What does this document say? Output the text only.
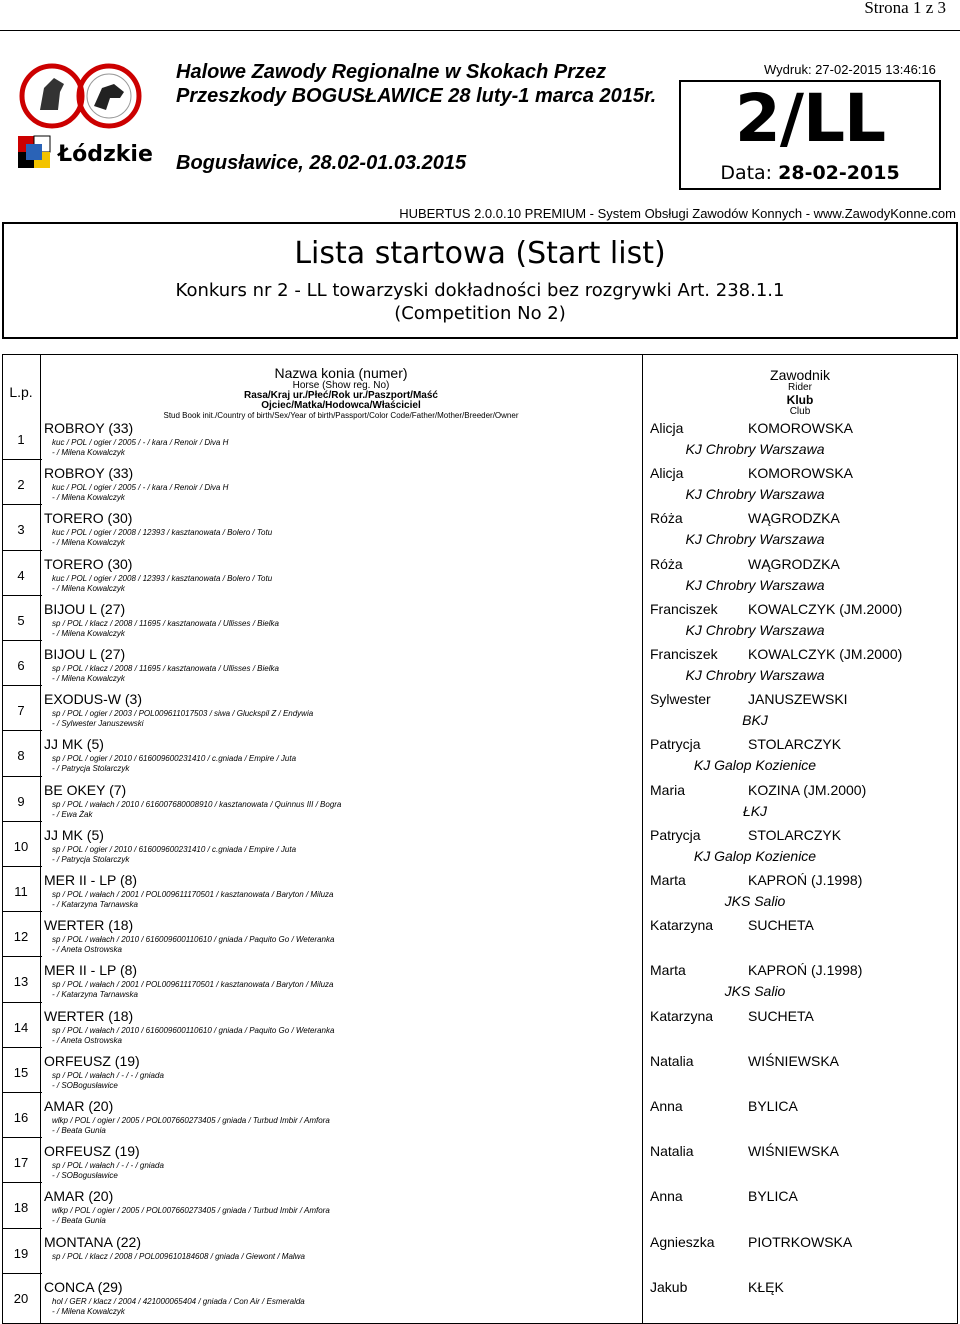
Strona 1 z 3
Łódzkie
Halowe Zawody Regionalne w Skokach Przez Przeszkody BOGUSŁAWICE 28 luty-1 marca 2015r.
Bogusławice, 28.02-01.03.2015
Wydruk: 27-02-2015 13:46:16
2/LL
Data: 28-02-2015
HUBERTUS 2.0.0.10 PREMIUM - System Obsługi Zawodów Konnych - www.ZawodyKonne.com
Lista startowa (Start list)
Konkurs nr 2 - LL towarzyski dokładności bez rozgrywki Art. 238.1.1
(Competition No 2)
L.p.
Nazwa konia (numer)
Horse (Show reg. No)
Rasa/Kraj ur./Płeć/Rok ur./Paszport/Maść
Ojciec/Matka/Hodowca/Właściciel
Stud Book init./Country of birth/Sex/Year of birth/Passport/Color Code/Father/Mother/Breeder/Owner
Zawodnik
Rider
Klub
Club
1
ROBROY (33)
kuc / POL / ogier / 2005 / - / kara / Renoir / Diva H
- / Milena Kowalczyk
Alicja	KOMOROWSKA
KJ Chrobry Warszawa
2
ROBROY (33)
kuc / POL / ogier / 2005 / - / kara / Renoir / Diva H
- / Milena Kowalczyk
Alicja	KOMOROWSKA
KJ Chrobry Warszawa
3
TORERO (30)
kuc / POL / ogier / 2008 / 12393 / kasztanowata / Bolero / Totu
- / Milena Kowalczyk
Róża	WĄGRODZKA
KJ Chrobry Warszawa
4
TORERO (30)
kuc / POL / ogier / 2008 / 12393 / kasztanowata / Bolero / Totu
- / Milena Kowalczyk
Róża	WĄGRODZKA
KJ Chrobry Warszawa
5
BIJOU L (27)
sp / POL / klacz / 2008 / 11695 / kasztanowata / Ullisses / Bielka
- / Milena Kowalczyk
Franciszek KOWALCZYK (JM.2000)
KJ Chrobry Warszawa
6
BIJOU L (27)
sp / POL / klacz / 2008 / 11695 / kasztanowata / Ullisses / Bielka
- / Milena Kowalczyk
Franciszek KOWALCZYK (JM.2000)
KJ Chrobry Warszawa
7
EXODUS-W (3)
sp / POL / ogier / 2003 / POL009611017503 / siwa / Gluckspil Z / Endywia
- / Sylwester Januszewski
Sylwester	JANUSZEWSKI
BKJ
8
JJ MK (5)
sp / POL / ogier / 2010 / 616009600231410 / c.gniada / Empire / Juta
- / Patrycja Stolarczyk
Patrycja	STOLARCZYK
KJ Galop Kozienice
9
BE OKEY (7)
sp / POL / wałach / 2010 / 616007680008910 / kasztanowata / Quinnus III / Bogra
- / Ewa Żak
Maria	KOZINA (JM.2000)
ŁKJ
10
JJ MK (5)
sp / POL / ogier / 2010 / 616009600231410 / c.gniada / Empire / Juta
- / Patrycja Stolarczyk
Patrycja	STOLARCZYK
KJ Galop Kozienice
11
MER II - LP (8)
sp / POL / wałach / 2001 / POL009611170501 / kasztanowata / Baryton / Miluza
- / Katarzyna Tarnawska
Marta	KAPROŃ (J.1998)
JKS Salio
12
WERTER (18)
sp / POL / wałach / 2010 / 616009600110610 / gniada / Paquito Go / Weteranka
- / Aneta Ostrowska
Katarzyna SUCHETA
13
MER II - LP (8)
sp / POL / wałach / 2001 / POL009611170501 / kasztanowata / Baryton / Miluza
- / Katarzyna Tarnawska
Marta	KAPROŃ (J.1998)
JKS Salio
14
WERTER (18)
sp / POL / wałach / 2010 / 616009600110610 / gniada / Paquito Go / Weteranka
- / Aneta Ostrowska
Katarzyna SUCHETA
15
ORFEUSZ (19)
sp / POL / wałach / - / - / gniada
- / SOBogusławice
Natalia	WIŚNIEWSKA
16
AMAR (20)
wlkp / POL / ogier / 2005 / POL007660273405 / gniada / Turbud Imbir / Amfora
- / Beata Gunia
Anna	BYLICA
17
ORFEUSZ (19)
sp / POL / wałach / - / - / gniada
- / SOBogusławice
Natalia	WIŚNIEWSKA
18
AMAR (20)
wlkp / POL / ogier / 2005 / POL007660273405 / gniada / Turbud Imbir / Amfora
- / Beata Gunia
Anna	BYLICA
19
MONTANA (22)
sp / POL / klacz / 2008 / POL009610184608 / gniada / Giewont / Malwa
Agnieszka PIOTRKOWSKA
20
CONCA (29)
hol / GER / klacz / 2004 / 421000065404 / gniada / Con Air / Esmeralda
- / Milena Kowalczyk
Jakub	KŁĘK
